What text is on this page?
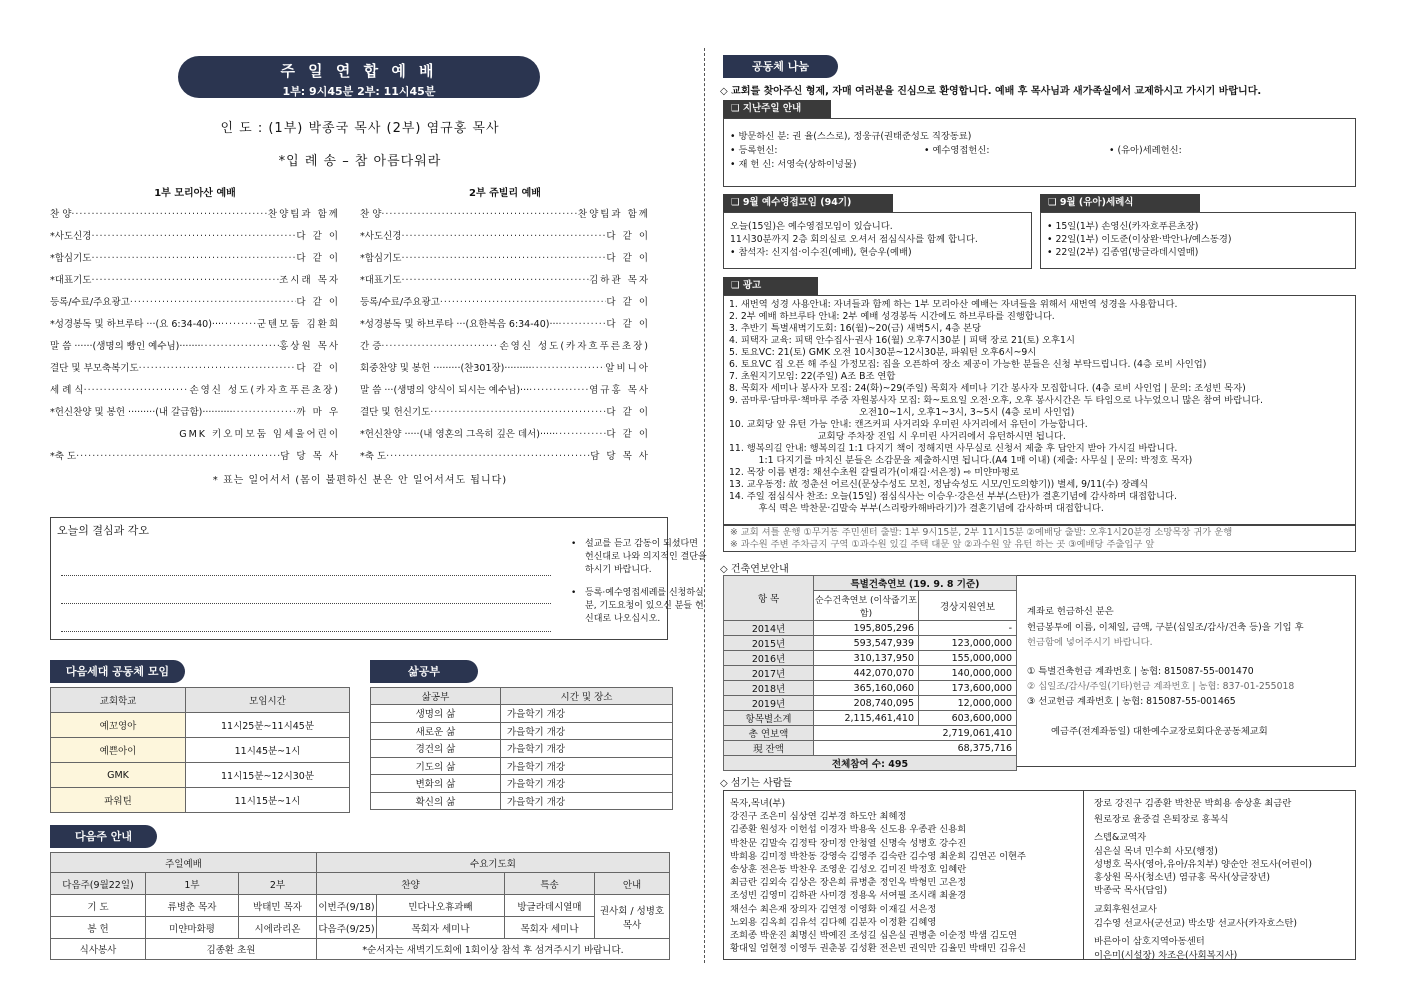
주 일 연 합 예 배
1부: 9시45분 2부: 11시45분
인 도 : (1부) 박종국 목사 (2부) 염규홍 목사
*입 례 송 – 참 아름다워라
1부 모리아산 예배	2부 쥬빌리 예배
찬 양 ·····	찬양팀과 함께
*사도신경 ·····	다 같 이
*합심기도 ·····	다 같 이
*대표기도 ·····	조시래 목자
등록/수료/주요광고 ·····	다 같 이
*성경봉독 및 하브루타 ···(요 6:34-40)··· ·····	군텐모둠 김환희
말 씀 ······(생명의 빵인 예수님)······· ·····	홍상원 목사
결단 및 부모축복기도 ·····	다 같 이
세 례 식 ·····	손영신 성도(카자흐푸른초장)
*헌신찬양 및 봉헌 ·········(내 갈급함)·········· ·····	까 마 우
GMK 키오미모둠 임세울어린이
*축 도 ·····	담 당 목 사
찬 양 ·····	찬양팀과 함께
*사도신경 ·····	다 같 이
*합심기도 ·····	다 같 이
*대표기도 ·····	김하관 목자
등록/수료/주요광고 ·····	다 같 이
*성경봉독 및 하브루타 ···(요한복음 6:34-40)··· ·····	다 같 이
간 증 ·····	손영신 성도(카자흐푸른초장)
회중찬양 및 봉헌 ·········(찬301장)········· ·····	알비니아
말 씀 ···(생명의 양식이 되시는 예수님)··· ·····	염규홍 목사
결단 및 헌신기도 ·····	다 같 이
*헌신찬양 ·····(내 영혼의 그윽히 깊은 데서)····· ·····	다 같 이
*축 도 ·····	담 당 목 사
* 표는 일어서서 (몸이 불편하신 분은 안 일어서셔도 됩니다)
오늘의 결심과 각오
• 설교를 듣고 감동이 되셨다면 헌신대로 나와 의지적인 결단을 하시기 바랍니다.
• 등록·예수영접세례를 신청하실 분, 기도요청이 있으신 분들 헌신대로 나오십시오.
다음세대 공동체 모임
교회학교	모임시간
예꼬영아	11시25분~11시45분
예쁜아이	11시45분~1시
GMK	11시15분~12시30분
파워틴	11시15분~1시
삶공부
삶공부	시간 및 장소
생명의 삶	가을학기 개강
새로운 삶	가을학기 개강
경건의 삶	가을학기 개강
기도의 삶	가을학기 개강
변화의 삶	가을학기 개강
확신의 삶	가을학기 개강
다음주 안내
주일예배			수요기도회			
다음주(9월22일)	1부	2부	찬양		특송	안내
기 도	류병춘 목자	박태민 목자	이번주(9/18)	민다나오휴과빼	방글라데시열매	권사회 / 성병호 목사
봉 헌	미얀마화평	시에라리온	다음주(9/25)	목회자 세미나	목회자 세미나	
식사봉사	김종환 초원		*순서자는 새벽기도회에 1회이상 참석 후 섬겨주시기 바랍니다.			
공동체 나눔
◇ 교회를 찾아주신 형제, 자매 여러분을 진심으로 환영합니다. 예배 후 목사님과 새가족실에서 교제하시고 가시기 바랍니다.
❑ 지난주일 안내
• 방문하신 분: 권 율(스스로), 정웅규(권태준성도 직장동료)
• 등록헌신:	• 예수영접헌신:	• (유아)세례헌신:
• 재 헌 신: 서영숙(상하이넝물)
❑ 9월 예수영접모임 (94기)
오늘(15일)은 예수영접모임이 있습니다.
11시30분까지 2층 회의실로 오셔서 점심식사를 함께 합니다.
• 참석자: 신지섭·이수진(예배), 현승우(예배)
❑ 9월 (유아)세례식
• 15일(1부) 손영신(카자흐푸른초장)
• 22일(1부) 이도준(이상완·박안나/예스동경)
• 22일(2부) 김종엽(방글라데시열매)
❑ 광고
1. 새번역 성경 사용안내: 자녀들과 함께 하는 1부 모리아산 예배는 자녀들을 위해서 새번역 성경을 사용합니다.
2. 2부 예배 하브루타 안내: 2부 예배 성경봉독 시간에도 하브루타를 진행합니다.
3. 추반기 특별새벽기도회: 16(월)~20(금) 새벽5시, 4층 본당
4. 피택자 교육: 피택 안수집사·권사 16(월) 오후7시30분 | 피택 장로 21(토) 오후1시
5. 토요VC: 21(토) GMK 오전 10시30분~12시30분, 파워틴 오후6시~9시
6. 토요VC 집 오픈 해 주실 가정모집: 집을 오픈하여 장소 제공이 가능한 분들은 신청 부탁드립니다. (4층 로비 사인업)
7. 초원지기모임: 22(주일) A조 B조 연합
8. 목회자 세미나 봉사자 모집: 24(화)~29(주일) 목회자 세미나 기간 봉사자 모집합니다. (4층 로비 사인업 | 문의: 조성빈 목자)
9. 곰마루·담마루·책마루 주중 자원봉사자 모집: 화~토요일 오전·오후, 오후 봉사시간은 두 타임으로 나누었으니 많은 참여 바랍니다.
오전10~1시, 오후1~3시, 3~5시 (4층 로비 사인업)
10. 교회당 앞 유턴 가능 안내: 캔즈커피 사거리와 우미린 사거리에서 유턴이 가능합니다.
교회당 주차장 진입 시 우미린 사거리에서 유턴하시면 됩니다.
11. 행복의길 안내: 행복의길 1:1 다지기 책이 정해지면 사무실로 신청서 제출 후 답안지 받아 가시길 바랍니다.
1:1 다지기를 마치신 분들은 소감문을 제출하시면 됩니다.(A4 1매 이내) (제출: 사무실 | 문의: 박정호 목자)
12. 목장 이름 변경: 채선수초원 갈릴리가(이재길·서은정) ⇨ 미얀마평로
13. 교우동정: 故 정춘선 어르신(문상수성도 모친, 정남숙성도 시모/인도의향기)) 별세, 9/11(수) 장례식
14. 주일 점심식사 찬조: 오늘(15일) 점심식사는 이승우·강은선 부부(스탄)가 결혼기념에 감사하며 대접합니다.
후식 떡은 박찬문·김말숙 부부(스리랑카해바라기)가 결혼기념에 감사하며 대접합니다.
※ 교회 셔틀 운행 ①무거동 주민센터 출발: 1부 9시15분, 2부 11시15분 ②예배당 출발: 오후1시20분경 소망목장 귀가 운행
※ 과수원 주변 주차금지 구역 ①과수원 있길 주택 대문 앞 ②과수원 앞 유턴 하는 곳 ③예배당 주출입구 앞
◇ 건축연보안내
항 목	특별건축연보 (19. 9. 8 기준)	
	순수건축연보 (이삭줍기포함)	경상지원연보
2014년	195,805,296	-
2015년	593,547,939	123,000,000
2016년	310,137,950	155,000,000
2017년	442,070,070	140,000,000
2018년	365,160,060	173,600,000
2019년	208,740,095	12,000,000
항목별소계	2,115,461,410	603,600,000
총 연보액	2,719,061,410	
現 잔액	68,375,716	
전체참여 수: 495		
계좌로 헌금하신 분은
헌금봉투에 이름, 이체일, 금액, 구분(십일조/감사/건축 등)을 기입 후
헌금함에 넣어주시기 바랍니다.
① 특별건축헌금 계좌번호 | 농협: 815087-55-001470
② 십일조/감사/주일(기타)헌금 계좌번호 | 농협: 837-01-255018
③ 선교헌금 계좌번호 | 농협: 815087-55-001465
예금주(전계좌동일) 대한예수교장로회다운공동체교회
◇ 섬기는 사람들
목자,목녀(부)
강진구 조은미 심상연 김부경 하도안 최혜정
김종환 원성자 이헌섭 이경자 박용욱 신도용 우종관 신용희
박찬문 김말숙 김정탁 장미정 안청열 신명숙 성병호 강수진
박희용 김미정 박찬동 강영숙 김영주 김숙란 김수영 최운희 김연곤 이현주
송상훈 전은동 박찬우 조영운 김성오 김미진 박정호 임혜란
최금란 김외숙 김상은 장은희 류병춘 정인옥 박형민 고은정
조성빈 김영미 김하관 사미경 정용옥 서여필 조시래 최윤경
채선수 최은재 장의자 김연정 이영화 이재길 서은정
노외용 김옥희 김유석 김다혜 김분자 이정환 김혜영
조희종 박운진 최명신 박예진 조성길 심은실 권병춘 이순정 박샘 김도연
황대일 엄현정 이영두 권춘봉 김성환 전은빈 권익만 김율민 박태민 김유신
장로 강진구 김종환 박찬문 박희용 송상훈 최금란
원로장로 윤중걸 은퇴장로 홍복식
스텝&교역자
심은실 목녀 민수희 사모(행정)
성병호 목사(영아,유아/유치부) 양순안 전도사(어린이)
홍상원 목사(청소년) 염규홍 목사(상글장년)
박종국 목사(담임)
교회후원선교사
김수영 선교사(군선교) 박소망 선교사(카자흐스탄)
바른아이 삼호지역아동센터
이은미(시설장) 차조은(사회복지사)
